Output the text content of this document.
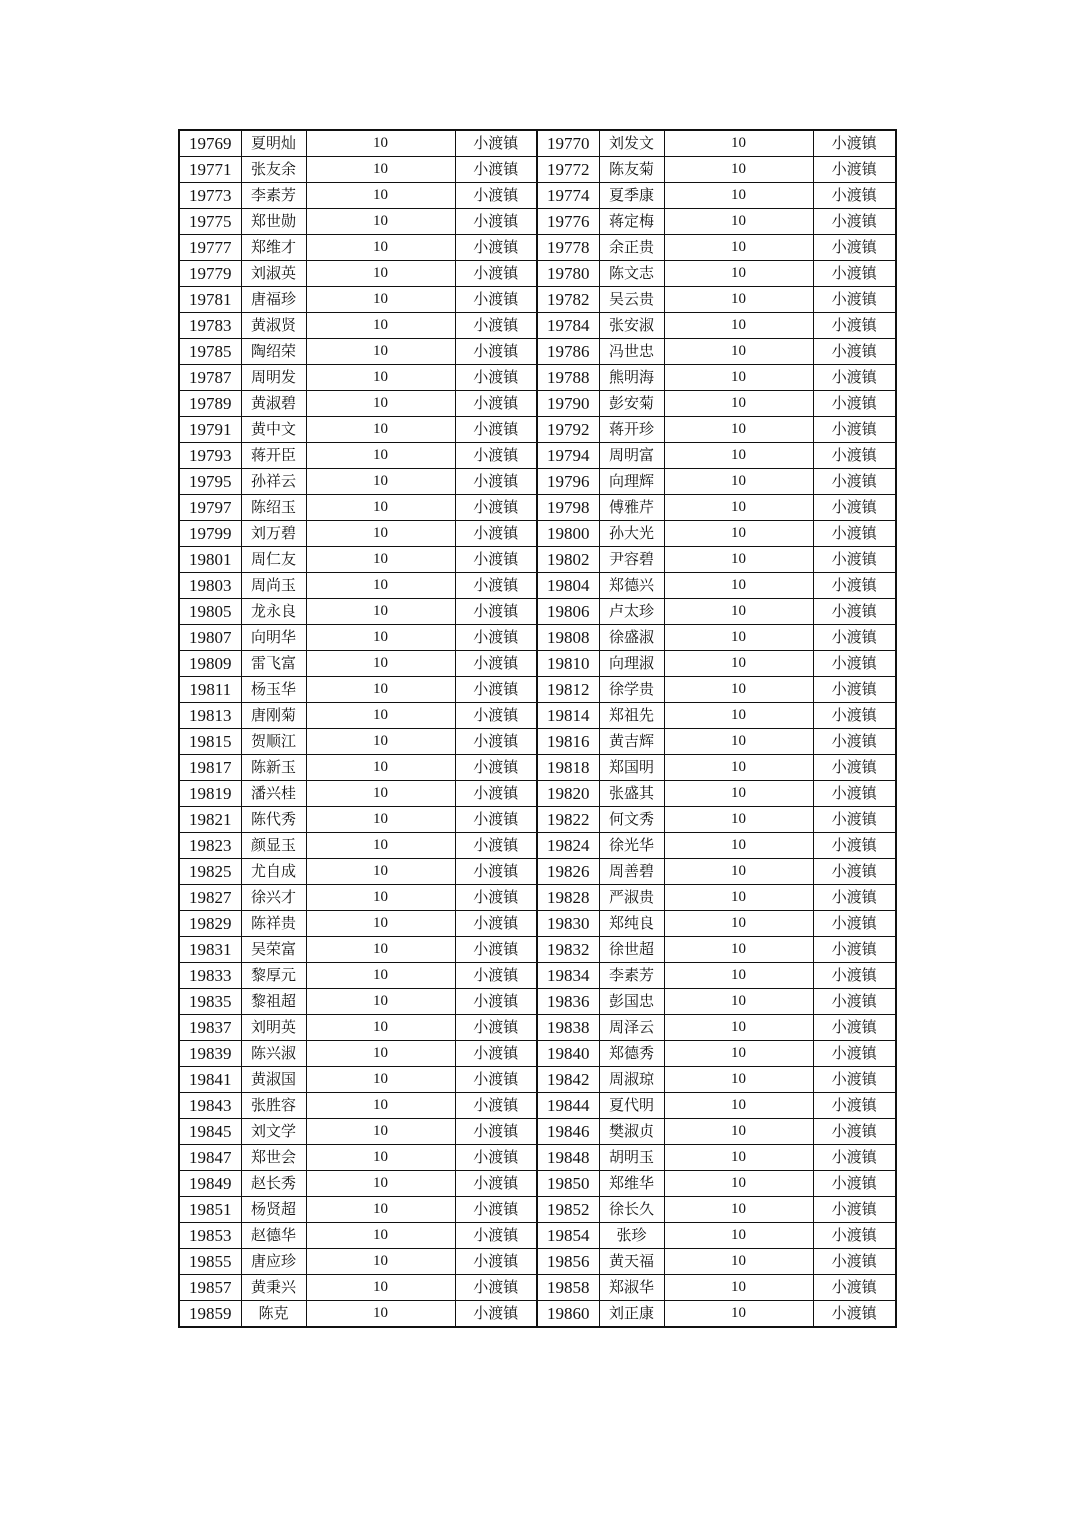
19769	夏明灿	10	小渡镇	19770	刘发文	10	小渡镇
19771	张友余	10	小渡镇	19772	陈友菊	10	小渡镇
19773	李素芳	10	小渡镇	19774	夏季康	10	小渡镇
19775	郑世勋	10	小渡镇	19776	蒋定梅	10	小渡镇
19777	郑维才	10	小渡镇	19778	余正贵	10	小渡镇
19779	刘淑英	10	小渡镇	19780	陈文志	10	小渡镇
19781	唐福珍	10	小渡镇	19782	吴云贵	10	小渡镇
19783	黄淑贤	10	小渡镇	19784	张安淑	10	小渡镇
19785	陶绍荣	10	小渡镇	19786	冯世忠	10	小渡镇
19787	周明发	10	小渡镇	19788	熊明海	10	小渡镇
19789	黄淑碧	10	小渡镇	19790	彭安菊	10	小渡镇
19791	黄中文	10	小渡镇	19792	蒋开珍	10	小渡镇
19793	蒋开臣	10	小渡镇	19794	周明富	10	小渡镇
19795	孙祥云	10	小渡镇	19796	向理辉	10	小渡镇
19797	陈绍玉	10	小渡镇	19798	傅雅芹	10	小渡镇
19799	刘万碧	10	小渡镇	19800	孙大光	10	小渡镇
19801	周仁友	10	小渡镇	19802	尹容碧	10	小渡镇
19803	周尚玉	10	小渡镇	19804	郑德兴	10	小渡镇
19805	龙永良	10	小渡镇	19806	卢太珍	10	小渡镇
19807	向明华	10	小渡镇	19808	徐盛淑	10	小渡镇
19809	雷飞富	10	小渡镇	19810	向理淑	10	小渡镇
19811	杨玉华	10	小渡镇	19812	徐学贵	10	小渡镇
19813	唐刚菊	10	小渡镇	19814	郑祖先	10	小渡镇
19815	贺顺江	10	小渡镇	19816	黄吉辉	10	小渡镇
19817	陈新玉	10	小渡镇	19818	郑国明	10	小渡镇
19819	潘兴桂	10	小渡镇	19820	张盛其	10	小渡镇
19821	陈代秀	10	小渡镇	19822	何文秀	10	小渡镇
19823	颜显玉	10	小渡镇	19824	徐光华	10	小渡镇
19825	尤自成	10	小渡镇	19826	周善碧	10	小渡镇
19827	徐兴才	10	小渡镇	19828	严淑贵	10	小渡镇
19829	陈祥贵	10	小渡镇	19830	郑纯良	10	小渡镇
19831	吴荣富	10	小渡镇	19832	徐世超	10	小渡镇
19833	黎厚元	10	小渡镇	19834	李素芳	10	小渡镇
19835	黎祖超	10	小渡镇	19836	彭国忠	10	小渡镇
19837	刘明英	10	小渡镇	19838	周泽云	10	小渡镇
19839	陈兴淑	10	小渡镇	19840	郑德秀	10	小渡镇
19841	黄淑国	10	小渡镇	19842	周淑琼	10	小渡镇
19843	张胜容	10	小渡镇	19844	夏代明	10	小渡镇
19845	刘文学	10	小渡镇	19846	樊淑贞	10	小渡镇
19847	郑世会	10	小渡镇	19848	胡明玉	10	小渡镇
19849	赵长秀	10	小渡镇	19850	郑维华	10	小渡镇
19851	杨贤超	10	小渡镇	19852	徐长久	10	小渡镇
19853	赵德华	10	小渡镇	19854	张珍	10	小渡镇
19855	唐应珍	10	小渡镇	19856	黄天福	10	小渡镇
19857	黄秉兴	10	小渡镇	19858	郑淑华	10	小渡镇
19859	陈克	10	小渡镇	19860	刘正康	10	小渡镇
